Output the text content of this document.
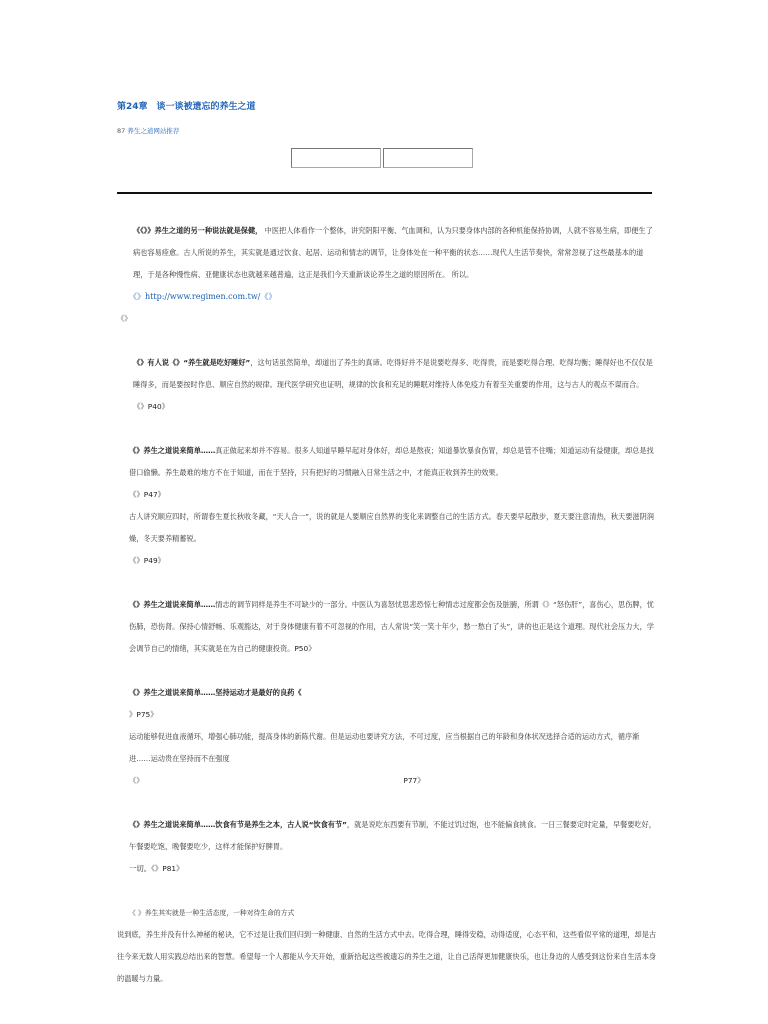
第24章　谈一谈被遗忘的养生之道

87 养生之道网站推荐

《《》》养生之道的另一种说法就是保健， 中医把人体看作一个整体，讲究阴阳平衡、气血调和，认为只要身体内部的各种机能保持协调，人就不容易生病，即便生了病也容易痊愈。古人所说的养生，其实就是通过饮食、起居、运动和情志的调节，让身体处在一种平衡的状态……现代人生活节奏快，常常忽视了这些最基本的道理，于是各种慢性病、亚健康状态也就越来越普遍，这正是我们今天重新谈论养生之道的原因所在。 所以。

《》http://www.regimen.com.tw/《》

《》

《》有人说《》“养生就是吃好睡好”，这句话虽然简单，却道出了养生的真谛。吃得好并不是说要吃得多、吃得贵，而是要吃得合理、吃得均衡；睡得好也不仅仅是睡得多，而是要按时作息、顺应自然的规律。现代医学研究也证明，规律的饮食和充足的睡眠对维持人体免疫力有着至关重要的作用，这与古人的观点不谋而合。
《》P40》

《》养生之道说来简单……真正做起来却并不容易。很多人知道早睡早起对身体好，却总是熬夜；知道暴饮暴食伤胃，却总是管不住嘴；知道运动有益健康，却总是找借口偷懒。养生最难的地方不在于知道，而在于坚持，只有把好的习惯融入日常生活之中，才能真正收到养生的效果。
《》P47》

古人讲究顺应四时，所谓春生夏长秋收冬藏，“天人合一”，说的就是人要顺应自然界的变化来调整自己的生活方式。春天要早起散步，夏天要注意清热，秋天要滋阴润燥，冬天要养精蓄锐。
《》P49》

《》养生之道说来简单……情志的调节同样是养生不可缺少的一部分。中医认为喜怒忧思悲恐惊七种情志过度都会伤及脏腑，所谓《》“怒伤肝”，喜伤心，思伤脾，忧伤肺，恐伤肾。保持心情舒畅、乐观豁达，对于身体健康有着不可忽视的作用，古人常说“笑一笑十年少，愁一愁白了头”，讲的也正是这个道理。现代社会压力大，学会调节自己的情绪，其实就是在为自己的健康投资。P50》

《》养生之道说来简单……坚持运动才是最好的良药《
》P75》

运动能够促进血液循环，增强心肺功能，提高身体的新陈代谢。但是运动也要讲究方法，不可过度，应当根据自己的年龄和身体状况选择合适的运动方式，循序渐进……运动贵在坚持而不在强度
《》	P77》

《》养生之道说来简单……饮食有节是养生之本，古人说“饮食有节”，就是说吃东西要有节制，不能过饥过饱，也不能偏食挑食。一日三餐要定时定量，早餐要吃好，午餐要吃饱，晚餐要吃少，这样才能保护好脾胃。
一切。《》P81》

《 》养生其实就是一种生活态度，一种对待生命的方式

说到底，养生并没有什么神秘的秘诀，它不过是让我们回归到一种健康、自然的生活方式中去。吃得合理，睡得安稳，动得适度，心态平和，这些看似平常的道理，却是古往今来无数人用实践总结出来的智慧。希望每一个人都能从今天开始，重新拾起这些被遗忘的养生之道，让自己活得更加健康快乐，也让身边的人感受到这份来自生活本身的温暖与力量。
